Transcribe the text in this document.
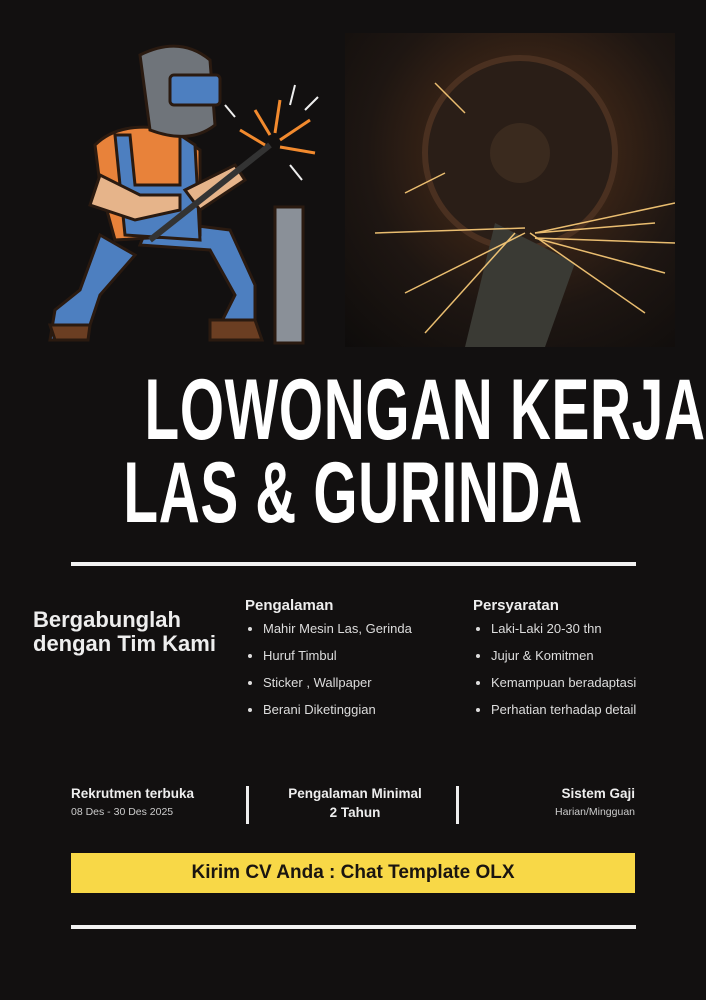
LOWONGAN KERJA
LAS & GURINDA
Bergabunglah dengan Tim Kami
Pengalaman
• Mahir Mesin Las, Gerinda
• Huruf Timbul
• Sticker , Wallpaper
• Berani Diketinggian
Persyaratan
• Laki-Laki 20-30 thn
• Jujur & Komitmen
• Kemampuan beradaptasi
• Perhatian terhadap detail
Rekrutmen terbuka
08 Des - 30 Des 2025
Pengalaman Minimal
2 Tahun
Sistem Gaji
Harian/Mingguan
Kirim CV Anda : Chat Template OLX
